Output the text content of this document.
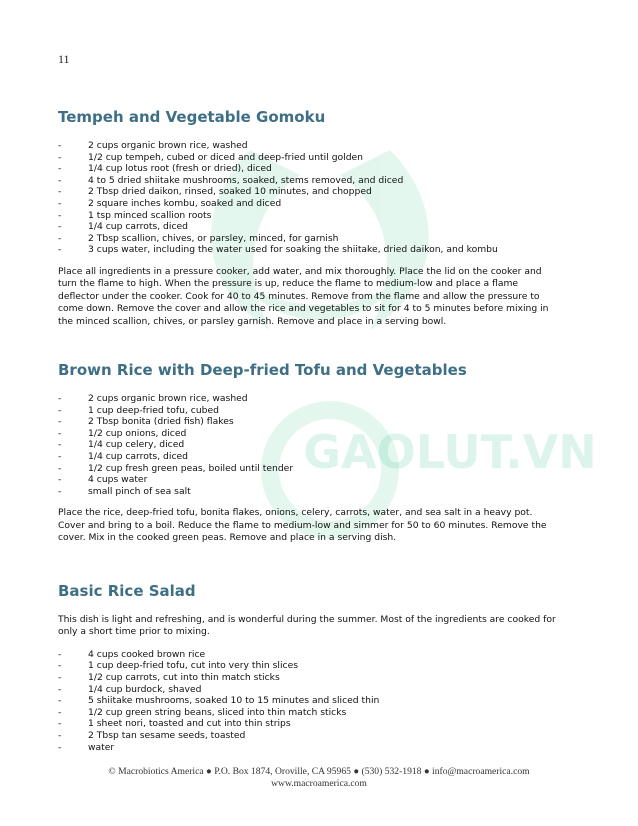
11
GAOLUT.VN
Tempeh and Vegetable Gomoku
-	2 cups organic brown rice, washed
-	1/2 cup tempeh, cubed or diced and deep-fried until golden
-	1/4 cup lotus root (fresh or dried), diced
-	4 to 5 dried shiitake mushrooms, soaked, stems removed, and diced
-	2 Tbsp dried daikon, rinsed, soaked 10 minutes, and chopped
-	2 square inches kombu, soaked and diced
-	1 tsp minced scallion roots
-	1/4 cup carrots, diced
-	2 Tbsp scallion, chives, or parsley, minced, for garnish
-	3 cups water, including the water used for soaking the shiitake, dried daikon, and kombu

Place all ingredients in a pressure cooker, add water, and mix thoroughly. Place the lid on the cooker and turn the flame to high. When the pressure is up, reduce the flame to medium-low and place a flame deflector under the cooker. Cook for 40 to 45 minutes. Remove from the flame and allow the pressure to come down. Remove the cover and allow the rice and vegetables to sit for 4 to 5 minutes before mixing in the minced scallion, chives, or parsley garnish. Remove and place in a serving bowl.

Brown Rice with Deep-fried Tofu and Vegetables
-	2 cups organic brown rice, washed
-	1 cup deep-fried tofu, cubed
-	2 Tbsp bonita (dried fish) flakes
-	1/2 cup onions, diced
-	1/4 cup celery, diced
-	1/4 cup carrots, diced
-	1/2 cup fresh green peas, boiled until tender
-	4 cups water
-	small pinch of sea salt

Place the rice, deep-fried tofu, bonita flakes, onions, celery, carrots, water, and sea salt in a heavy pot. Cover and bring to a boil. Reduce the flame to medium-low and simmer for 50 to 60 minutes. Remove the cover. Mix in the cooked green peas. Remove and place in a serving dish.

Basic Rice Salad

This dish is light and refreshing, and is wonderful during the summer. Most of the ingredients are cooked for only a short time prior to mixing.

-	4 cups cooked brown rice
-	1 cup deep-fried tofu, cut into very thin slices
-	1/2 cup carrots, cut into thin match sticks
-	1/4 cup burdock, shaved
-	5 shiitake mushrooms, soaked 10 to 15 minutes and sliced thin
-	1/2 cup green string beans, sliced into thin match sticks
-	1 sheet nori, toasted and cut into thin strips
-	2 Tbsp tan sesame seeds, toasted
-	water
© Macrobiotics America ● P.O. Box 1874, Oroville, CA 95965 ● (530) 532-1918 ● info@macroamerica.com
www.macroamerica.com
